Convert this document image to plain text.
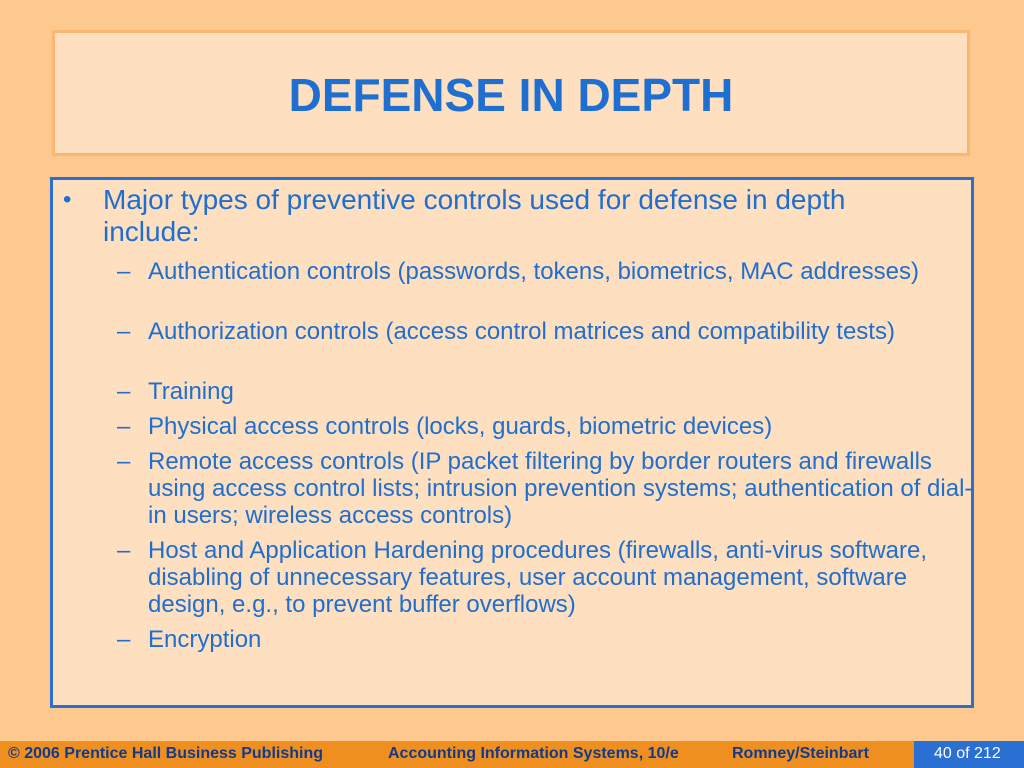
DEFENSE IN DEPTH
• Major types of preventive controls used for defense in depth include:
– Authentication controls (passwords, tokens, biometrics, MAC addresses)
– Authorization controls (access control matrices and compatibility tests)
– Training
– Physical access controls (locks, guards, biometric devices)
– Remote access controls (IP packet filtering by border routers and firewalls using access control lists; intrusion prevention systems; authentication of dial-in users; wireless access controls)
– Host and Application Hardening procedures (firewalls, anti-virus software, disabling of unnecessary features, user account management, software design, e.g., to prevent buffer overflows)
– Encryption
© 2006 Prentice Hall Business Publishing	Accounting Information Systems, 10/e	Romney/Steinbart	40 of 212
